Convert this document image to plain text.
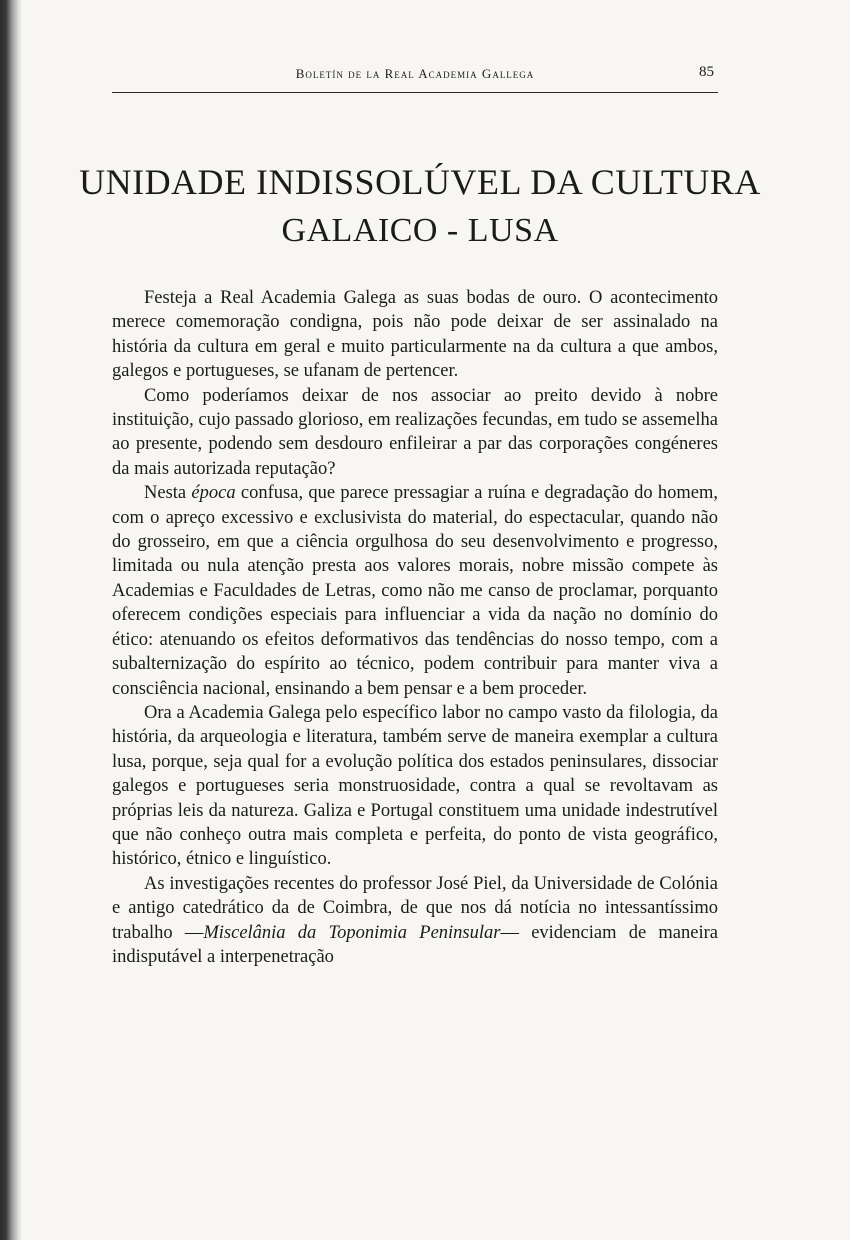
Boletín de la Real Academia Gallega	85
UNIDADE INDISSOLÚVEL DA CULTURA
GALAICO - LUSA

Festeja a Real Academia Galega as suas bodas de ouro. O acontecimento merece comemoração condigna, pois não pode deixar de ser assinalado na história da cultura em geral e muito particularmente na da cultura a que ambos, galegos e portugueses, se ufanam de pertencer.

Como poderíamos deixar de nos associar ao preito devido à nobre instituição, cujo passado glorioso, em realizações fecundas, em tudo se assemelha ao presente, podendo sem desdouro enfileirar a par das corporações congéneres da mais autorizada reputação?

Nesta época confusa, que parece pressagiar a ruína e degradação do homem, com o apreço excessivo e exclusivista do material, do espectacular, quando não do grosseiro, em que a ciência orgulhosa do seu desenvolvimento e progresso, limitada ou nula atenção presta aos valores morais, nobre missão compete às Academias e Faculdades de Letras, como não me canso de proclamar, porquanto oferecem condições especiais para influenciar a vida da nação no domínio do ético: atenuando os efeitos deformativos das tendências do nosso tempo, com a subalternização do espírito ao técnico, podem contribuir para manter viva a consciência nacional, ensinando a bem pensar e a bem proceder.

Ora a Academia Galega pelo específico labor no campo vasto da filologia, da história, da arqueologia e literatura, também serve de maneira exemplar a cultura lusa, porque, seja qual for a evolução política dos estados peninsulares, dissociar galegos e portugueses seria monstruosidade, contra a qual se revoltavam as próprias leis da natureza. Galiza e Portugal constituem uma unidade indestrutível que não conheço outra mais completa e perfeita, do ponto de vista geográfico, histórico, étnico e linguístico.

As investigações recentes do professor José Piel, da Universidade de Colónia e antigo catedrático da de Coimbra, de que nos dá notícia no intessantíssimo trabalho —Miscelânia da Toponimia Peninsular— evidenciam de maneira indisputável a interpenetração
